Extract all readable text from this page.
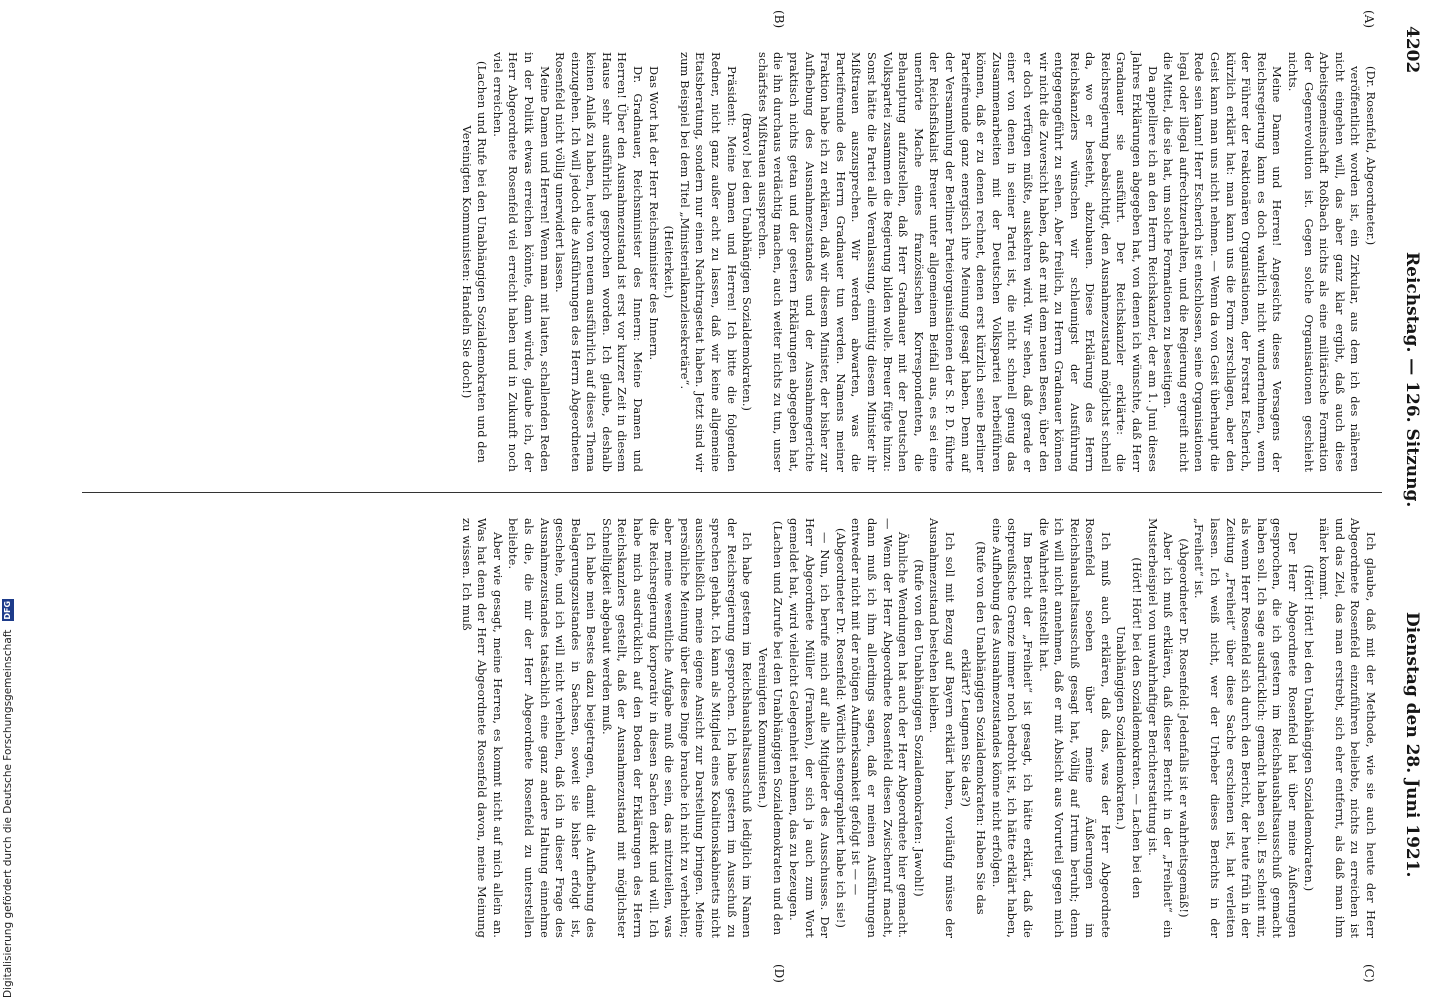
4202
Reichstag. — 126. Sitzung.
Dienstag den 28. Juni 1921.
(A)
(B)
(C)
(D)

(Dr. Rosenfeld, Abgeordneter.)

veröffentlicht worden ist, ein Zirkular, aus dem ich des näheren nicht eingehen will, das aber ganz klar ergibt, daß auch diese Arbeitsgemeinschaft Roßbach nichts als eine militärische Formation der Gegenrevolution ist. Gegen solche Organisationen geschieht nichts.

Meine Damen und Herren! Angesichts dieses Versagens der Reichsregierung kann es doch wahrlich nicht wundernehmen, wenn der Führer der reaktionären Organisationen, der Forstrat Escherich, kürzlich erklärt hat: man kann uns die Form zerschlagen, aber den Geist kann man uns nicht nehmen. — Wenn da von Geist überhaupt die Rede sein kann! Herr Escherich ist entschlossen, seine Organisationen legal oder illegal aufrechtzuerhalten, und die Regierung ergreift nicht die Mittel, die sie hat, um solche Formationen zu beseitigen.

Da appelliere ich an den Herrn Reichskanzler, der am 1. Juni dieses Jahres Erklärungen abgegeben hat, von denen ich wünschte, daß Herr Gradnauer sie ausführt. Der Reichskanzler erklärte: die Reichsregierung beabsichtigt, den Ausnahmezustand möglichst schnell da, wo er besteht, abzubauen. Diese Erklärung des Herrn Reichskanzlers wünschen wir schleunigst der Ausführung entgegengeführt zu sehen. Aber freilich, zu Herrn Gradnauer können wir nicht die Zuversicht haben, daß er mit dem neuen Besen, über den er doch verfügen müßte, auskehren wird. Wir sehen, daß gerade er einer von denen in seiner Partei ist, die nicht schnell genug das Zusammenarbeiten mit der Deutschen Volkspartei herbeiführen können, daß er zu denen rechnet, denen erst kürzlich seine Berliner Parteifreunde ganz energisch ihre Meinung gesagt haben. Denn auf der Versammlung der Berliner Parteiorganisationen der S. P. D. führte der Reichsfiskalist Breuer unter allgemeinem Beifall aus, es sei eine unerhörte Mache eines französischen Korrespondenten, die Behauptung aufzustellen, daß Herr Gradnauer mit der Deutschen Volkspartei zusammen die Regierung bilden wolle. Breuer fügte hinzu: Sonst hätte die Partei alle Veranlassung, einmütig diesem Minister ihr Mißtrauen auszusprechen. Wir werden abwarten, was die Parteifreunde des Herrn Gradnauer tun werden. Namens meiner Fraktion habe ich zu erklären, daß wir diesem Minister, der bisher zur Aufhebung des Ausnahmezustandes und der Ausnahmegerichte praktisch nichts getan und der gestern Erklärungen abgegeben hat, die ihn durchaus verdächtig machen, auch weiter nichts zu tun, unser schärfstes Mißtrauen aussprechen.

(Bravo! bei den Unabhängigen Sozialdemokraten.)

Präsident: Meine Damen und Herren! Ich bitte die folgenden Redner, nicht ganz außer acht zu lassen, daß wir keine allgemeine Etatsberatung, sondern nur einen Nachtragsetat haben. Jetzt sind wir zum Beispiel bei dem Titel „Ministerialkanzleisekretäre“.

(Heiterkeit.)

Das Wort hat der Herr Reichsminister des Innern.

Dr. Gradnauer, Reichsminister des Innern: Meine Damen und Herren! Über den Ausnahmezustand ist erst vor kurzer Zeit in diesem Hause sehr ausführlich gesprochen worden. Ich glaube, deshalb keinen Anlaß zu haben, heute von neuem ausführlich auf dieses Thema einzugehen. Ich will jedoch die Ausführungen des Herrn Abgeordneten Rosenfeld nicht völlig unerwidert lassen.

Meine Damen und Herren! Wenn man mit lauten, schallenden Reden in der Politik etwas erreichen könnte, dann würde, glaube ich, der Herr Abgeordnete Rosenfeld viel erreicht haben und in Zukunft noch viel erreichen.

(Lachen und Rufe bei den Unabhängigen Sozialdemokraten und den Vereinigten Kommunisten: Handeln Sie doch!)

Ich glaube, daß mit der Methode, wie sie auch heute der Herr Abgeordnete Rosenfeld einzuführen beliebte, nichts zu erreichen ist und das Ziel, das man erstrebt, sich eher entfernt, als daß man ihm näher kommt.

(Hört! Hört! bei den Unabhängigen Sozialdemokraten.)

Der Herr Abgeordnete Rosenfeld hat über meine Äußerungen gesprochen, die ich gestern im Reichshaushaltsausschuß gemacht haben soll. Ich sage ausdrücklich: gemacht haben soll. Es scheint mir, als wenn Herr Rosenfeld sich durch den Bericht, der heute früh in der Zeitung „Freiheit“ über diese Sache erschienen ist, hat verleiten lassen. Ich weiß nicht, wer der Urheber dieses Berichts in der „Freiheit“ ist.

(Abgeordneter Dr. Rosenfeld: Jedenfalls ist er wahrheitsgemäß!)

Aber ich muß erklären, daß dieser Bericht in der „Freiheit“ ein Musterbeispiel von unwahrhaftiger Berichterstattung ist.

(Hört! Hört! bei den Sozialdemokraten. — Lachen bei den Unabhängigen Sozialdemokraten.)

Ich muß auch erklären, daß das, was der Herr Abgeordnete Rosenfeld soeben über meine Äußerungen im Reichshaushaltsausschuß gesagt hat, völlig auf Irrtum beruht; denn ich will nicht annehmen, daß er mit Absicht aus Vorurteil gegen mich die Wahrheit entstellt hat.

Im Bericht der „Freiheit“ ist gesagt, ich hätte erklärt, daß die ostpreußische Grenze immer noch bedroht ist, ich hätte erklärt haben, eine Aufhebung des Ausnahmezustandes könne nicht erfolgen.

(Rufe von den Unabhängigen Sozialdemokraten: Haben Sie das erklärt? Leugnen Sie das?)

Ich soll mit Bezug auf Bayern erklärt haben, vorläufig müsse der Ausnahmezustand bestehen bleiben.

(Rufe von den Unabhängigen Sozialdemokraten: Jawohl!)

Ähnliche Wendungen hat auch der Herr Abgeordnete hier gemacht. — Wenn der Herr Abgeordnete Rosenfeld diesen Zwischenruf macht, dann muß ich ihm allerdings sagen, daß er meinen Ausführungen entweder nicht mit der nötigen Aufmerksamkeit gefolgt ist — —

(Abgeordneter Dr. Rosenfeld: Wörtlich stenographiert habe ich sie!)

— Nun, ich berufe mich auf alle Mitglieder des Ausschusses. Der Herr Abgeordnete Müller (Franken), der sich ja auch zum Wort gemeldet hat, wird vielleicht Gelegenheit nehmen, das zu bezeugen.

(Lachen und Zurufe bei den Unabhängigen Sozialdemokraten und den Vereinigten Kommunisten.)

Ich habe gestern im Reichshaushaltsausschuß lediglich im Namen der Reichsregierung gesprochen. Ich habe gestern im Ausschuß zu sprechen gehabt. Ich kann als Mitglied eines Koalitionskabinetts nicht ausschließlich meine eigene Ansicht zur Darstellung bringen. Meine persönliche Meinung über diese Dinge brauche ich nicht zu verhehlen; aber meine wesentliche Aufgabe muß die sein, das mitzuteilen, was die Reichsregierung korporativ in diesen Sachen denkt und will. Ich habe mich ausdrücklich auf den Boden der Erklärungen des Herrn Reichskanzlers gestellt, daß der Ausnahmezustand mit möglichster Schnelligkeit abgebaut werden muß.

Ich habe mein Bestes dazu beigetragen, damit die Aufhebung des Belagerungszustandes in Sachsen, soweit sie bisher erfolgt ist, geschehe, und ich will nicht verhehlen, daß ich in dieser Frage des Ausnahmezustandes tatsächlich eine ganz andere Haltung einnehme als die, die mir der Herr Abgeordnete Rosenfeld zu unterstellen beliebte.

Aber wie gesagt, meine Herren, es kommt nicht auf mich allein an. Was hat denn der Herr Abgeordnete Rosenfeld davon, meine Meinung zu wissen. Ich muß

Digitalisierung gefördert durch die Deutsche Forschungsgemeinschaft DFG
